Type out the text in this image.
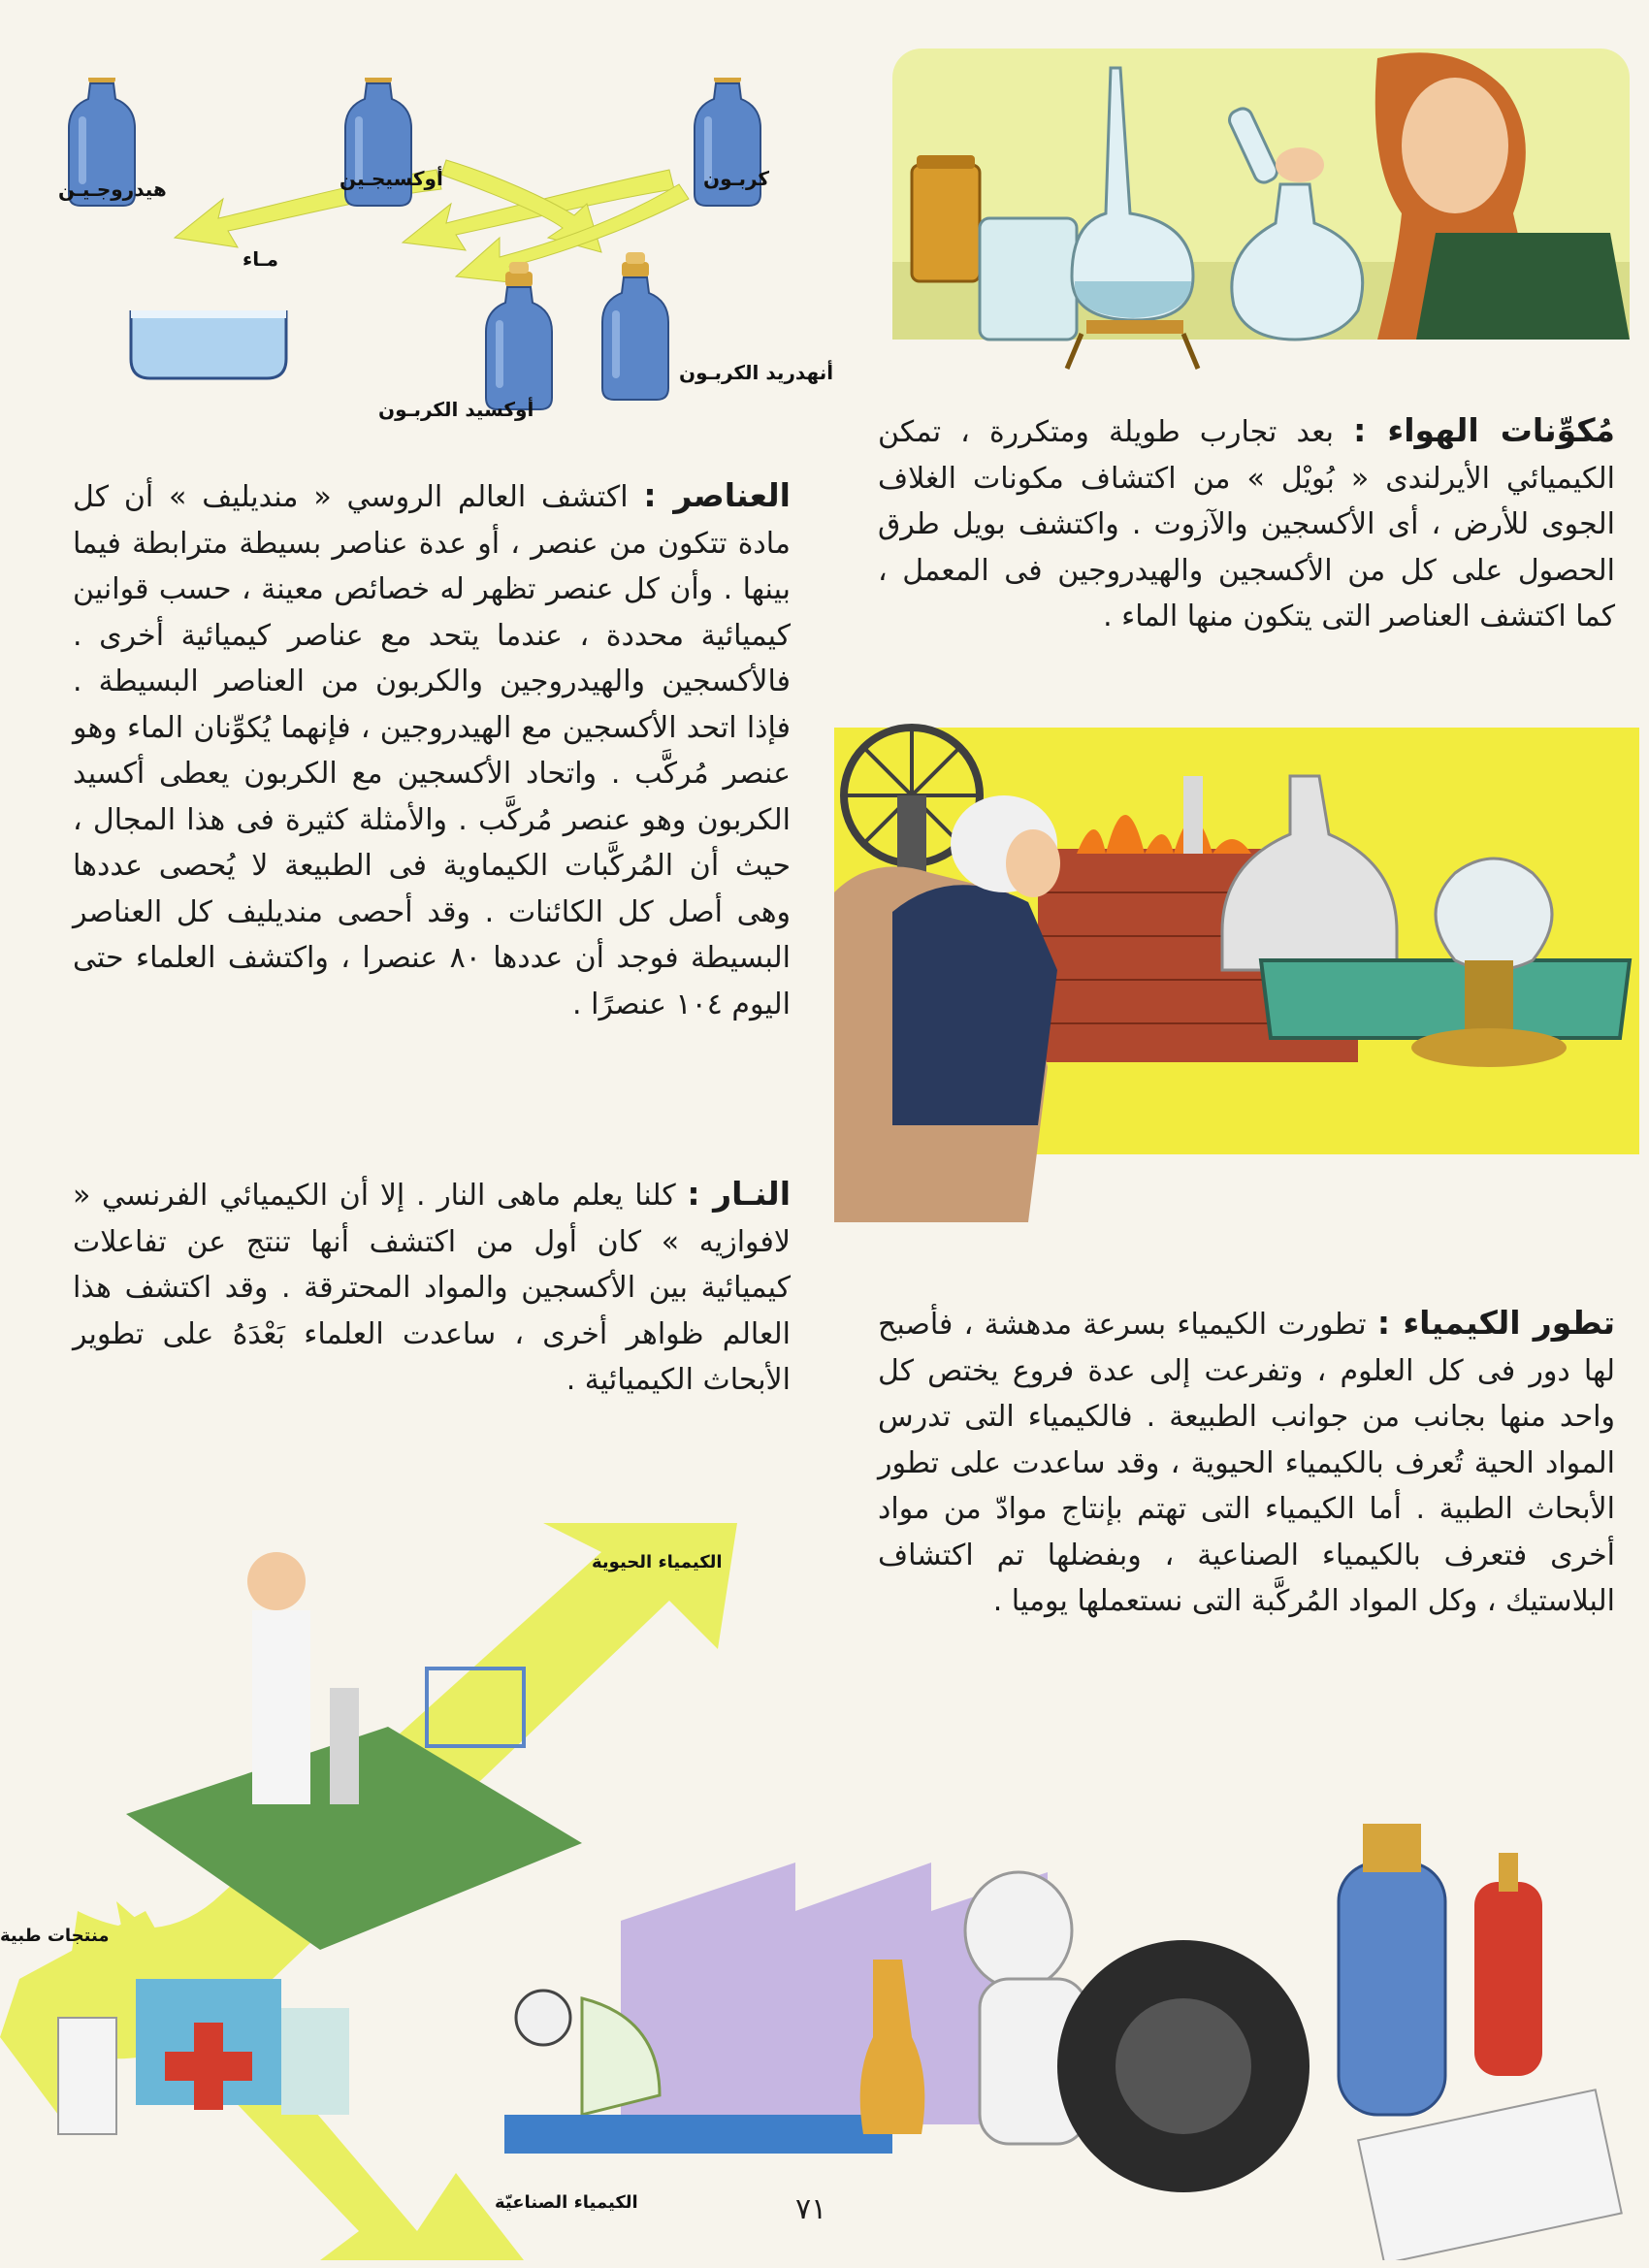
كربـون
أوكسيجـين
هيدروجـيـن
مـاء
أنهدريد الكربـون
أوكسيد الكربـون
مُكوِّنات الهواء : بعد تجارب طويلة ومتكررة ، تمكن الكيميائي الأيرلندى « بُويْل » من اكتشاف مكونات الغلاف الجوى للأرض ، أى الأكسجين والآزوت . واكتشف بويل طرق الحصول على كل من الأكسجين والهيدروجين فى المعمل ، كما اكتشف العناصر التى يتكون منها الماء .
العناصر : اكتشف العالم الروسي « منديليف » أن كل مادة تتكون من عنصر ، أو عدة عناصر بسيطة مترابطة فيما بينها . وأن كل عنصر تظهر له خصائص معينة ، حسب قوانين كيميائية محددة ، عندما يتحد مع عناصر كيميائية أخرى . فالأكسجين والهيدروجين والكربون من العناصر البسيطة . فإذا اتحد الأكسجين مع الهيدروجين ، فإنهما يُكوِّنان الماء وهو عنصر مُركَّب . واتحاد الأكسجين مع الكربون يعطى أكسيد الكربون وهو عنصر مُركَّب . والأمثلة كثيرة فى هذا المجال ، حيث أن المُركَّبات الكيماوية فى الطبيعة لا يُحصى عددها وهى أصل كل الكائنات . وقد أحصى منديليف كل العناصر البسيطة فوجد أن عددها ٨٠ عنصرا ، واكتشف العلماء حتى اليوم ١٠٤ عنصرًا .
النـار : كلنا يعلم ماهى النار . إلا أن الكيميائي الفرنسي « لافوازيه » كان أول من اكتشف أنها تنتج عن تفاعلات كيميائية بين الأكسجين والمواد المحترقة . وقد اكتشف هذا العالم ظواهر أخرى ، ساعدت العلماء بَعْدَهُ على تطوير الأبحاث الكيميائية .
تطور الكيمياء : تطورت الكيمياء بسرعة مدهشة ، فأصبح لها دور فى كل العلوم ، وتفرعت إلى عدة فروع يختص كل واحد منها بجانب من جوانب الطبيعة . فالكيمياء التى تدرس المواد الحية تُعرف بالكيمياء الحيوية ، وقد ساعدت على تطور الأبحاث الطبية . أما الكيمياء التى تهتم بإنتاج موادّ من مواد أخرى فتعرف بالكيمياء الصناعية ، وبفضلها تم اكتشاف البلاستيك ، وكل المواد المُركَّبة التى نستعملها يوميا .
الكيمياء الحيوية
منتجات طبية
الكيمياء الصناعيّة	٧١
